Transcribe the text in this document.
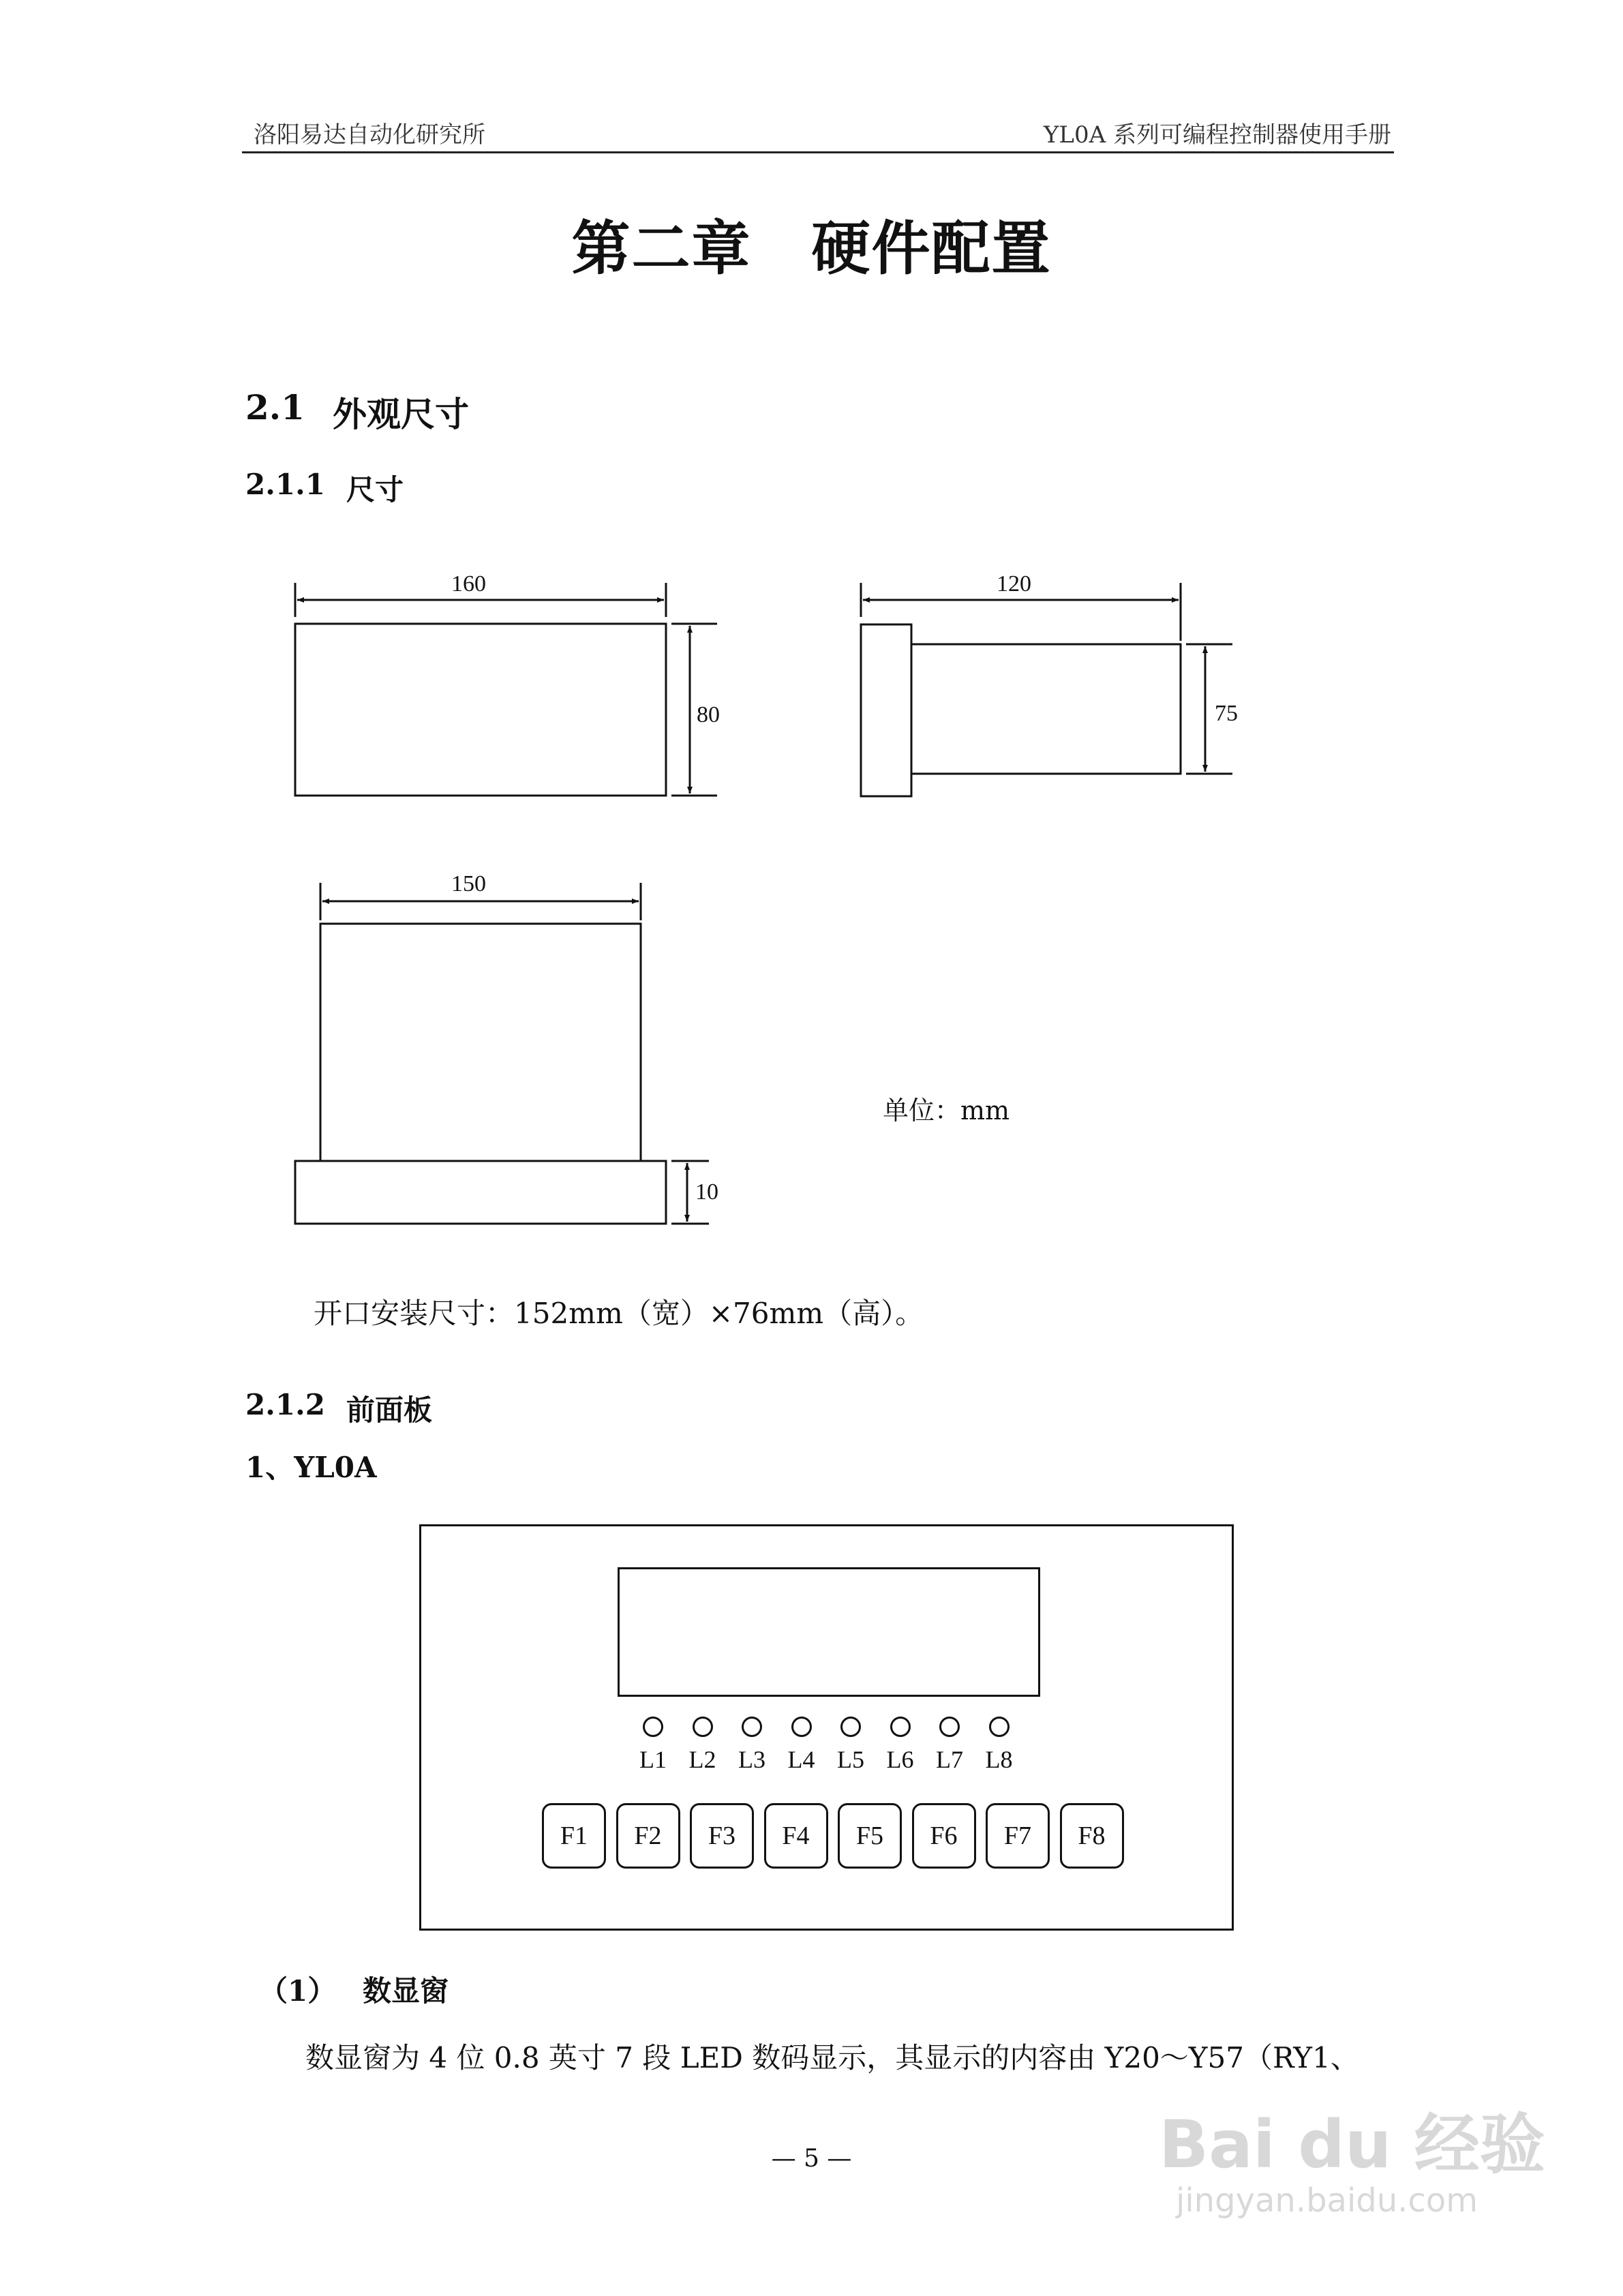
洛阳易达自动化研究所	YL0A 系列可编程控制器使用手册
第二章　硬件配置
2.1 外观尺寸
2.1.1 尺寸
160
80
120
75
150
10
单位：mm
开口安装尺寸：152mm（宽）×76mm（高）。
2.1.2 前面板
1、YL0A
L1 L2 L3 L4 L5 L6 L7 L8
F1	F2	F3	F4	F5	F6	F7	F8
（1） 数显窗
数显窗为 4 位 0.8 英寸 7 段 LED 数码显示，其显示的内容由 Y20～Y57（RY1、
— 5 —	Bai du 经验
jingyan.baidu.com
